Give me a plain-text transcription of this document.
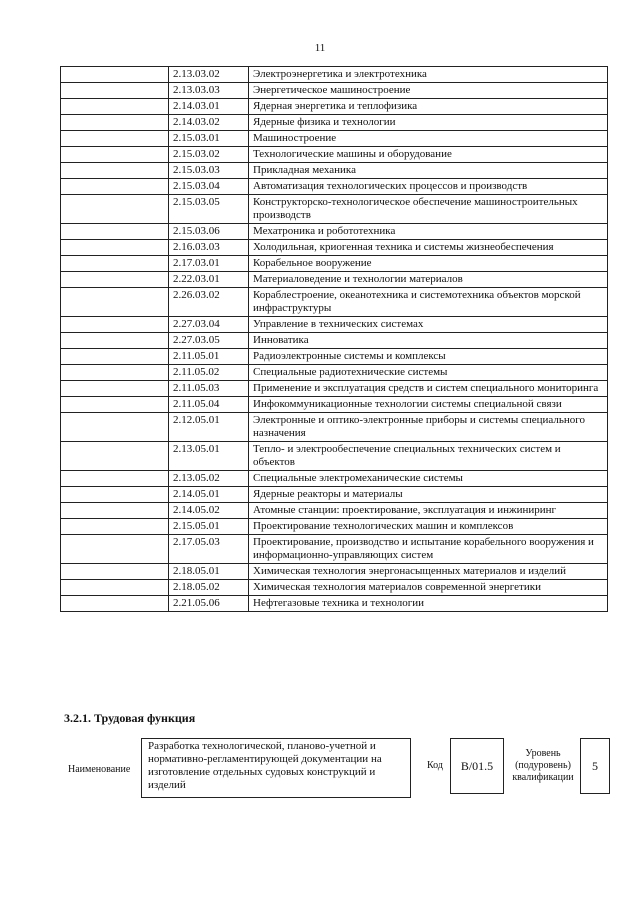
11
	2.13.03.02	Электроэнергетика и электротехника
	2.13.03.03	Энергетическое машиностроение
	2.14.03.01	Ядерная энергетика и теплофизика
	2.14.03.02	Ядерные физика и технологии
	2.15.03.01	Машиностроение
	2.15.03.02	Технологические машины и оборудование
	2.15.03.03	Прикладная механика
	2.15.03.04	Автоматизация технологических процессов и производств
	2.15.03.05	Конструкторско-технологическое обеспечение машиностроительных производств
	2.15.03.06	Мехатроника и робототехника
	2.16.03.03	Холодильная, криогенная техника и системы жизнеобеспечения
	2.17.03.01	Корабельное вооружение
	2.22.03.01	Материаловедение и технологии материалов
	2.26.03.02	Кораблестроение, океанотехника и системотехника объектов морской инфраструктуры
	2.27.03.04	Управление в технических системах
	2.27.03.05	Инноватика
	2.11.05.01	Радиоэлектронные системы и комплексы
	2.11.05.02	Специальные радиотехнические системы
	2.11.05.03	Применение и эксплуатация средств и систем специального мониторинга
	2.11.05.04	Инфокоммуникационные технологии системы специальной связи
	2.12.05.01	Электронные и оптико-электронные приборы и системы специального назначения
	2.13.05.01	Тепло- и электрообеспечение специальных технических систем и объектов
	2.13.05.02	Специальные электромеханические системы
	2.14.05.01	Ядерные реакторы и материалы
	2.14.05.02	Атомные станции: проектирование, эксплуатация и инжиниринг
	2.15.05.01	Проектирование технологических машин и комплексов
	2.17.05.03	Проектирование, производство и испытание корабельного вооружения и информационно-управляющих систем
	2.18.05.01	Химическая технология энергонасыщенных материалов и изделий
	2.18.05.02	Химическая технология материалов современной энергетики
	2.21.05.06	Нефтегазовые техника и технологии
3.2.1. Трудовая функция
Наименование
Разработка технологической, планово-учетной и нормативно-регламентирующей документации на изготовление отдельных судовых конструкций и изделий
Код	B/01.5
Уровень (подуровень) квалификации
5
